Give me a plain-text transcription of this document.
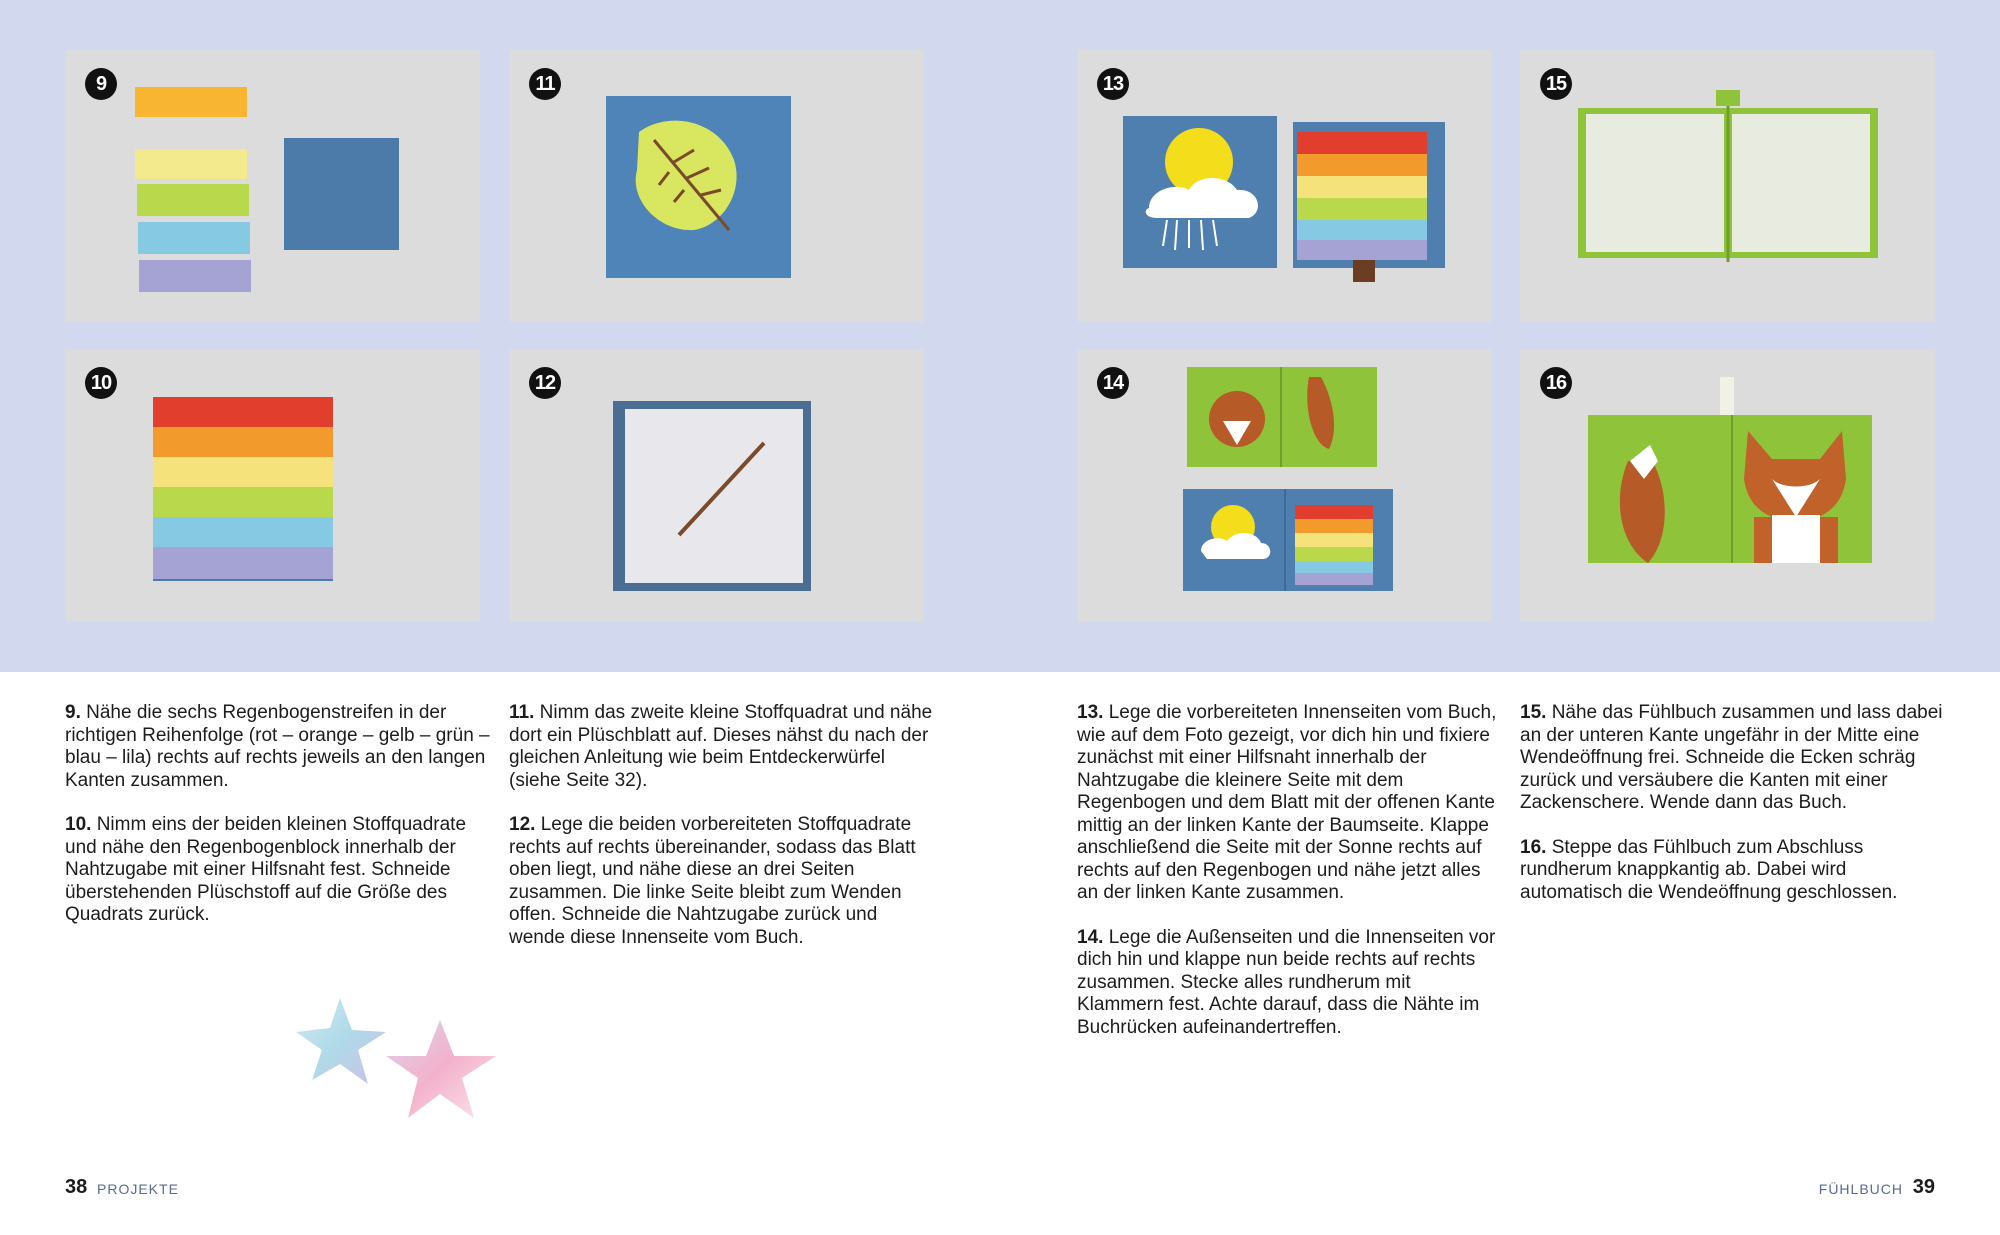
9
10
11
12
13
14
15
16

9. Nähe die sechs Regenbogenstreifen in der richtigen Reihenfolge (rot – orange – gelb – grün – blau – lila) rechts auf rechts jeweils an den langen Kanten zusammen.

10. Nimm eins der beiden kleinen Stoffquadrate und nähe den Regenbogenblock innerhalb der Nahtzugabe mit einer Hilfsnaht fest. Schneide überstehenden Plüschstoff auf die Größe des Quadrats zurück.

11. Nimm das zweite kleine Stoffquadrat und nähe dort ein Plüschblatt auf. Dieses nähst du nach der gleichen Anleitung wie beim Entdeckerwürfel (siehe Seite 32).

12. Lege die beiden vorbereiteten Stoffquadrate rechts auf rechts übereinander, sodass das Blatt oben liegt, und nähe diese an drei Seiten zusammen. Die linke Seite bleibt zum Wenden offen. Schneide die Nahtzugabe zurück und wende diese Innenseite vom Buch.

13. Lege die vorbereiteten Innenseiten vom Buch, wie auf dem Foto gezeigt, vor dich hin und fixiere zunächst mit einer Hilfsnaht innerhalb der Nahtzugabe die kleinere Seite mit dem Regenbogen und dem Blatt mit der offenen Kante mittig an der linken Kante der Baumseite. Klappe anschließend die Seite mit der Sonne rechts auf rechts auf den Regenbogen und nähe jetzt alles an der linken Kante zusammen.

14. Lege die Außenseiten und die Innenseiten vor dich hin und klappe nun beide rechts auf rechts zusammen. Stecke alles rundherum mit Klammern fest. Achte darauf, dass die Nähte im Buchrücken aufeinandertreffen.

15. Nähe das Fühlbuch zusammen und lass dabei an der unteren Kante ungefähr in der Mitte eine Wendeöffnung frei. Schneide die Ecken schräg zurück und versäubere die Kanten mit einer Zackenschere. Wende dann das Buch.

16. Steppe das Fühlbuch zum Abschluss rundherum knappkantig ab. Dabei wird automatisch die Wendeöffnung geschlossen.

38 PROJEKTE	FÜHLBUCH 39
